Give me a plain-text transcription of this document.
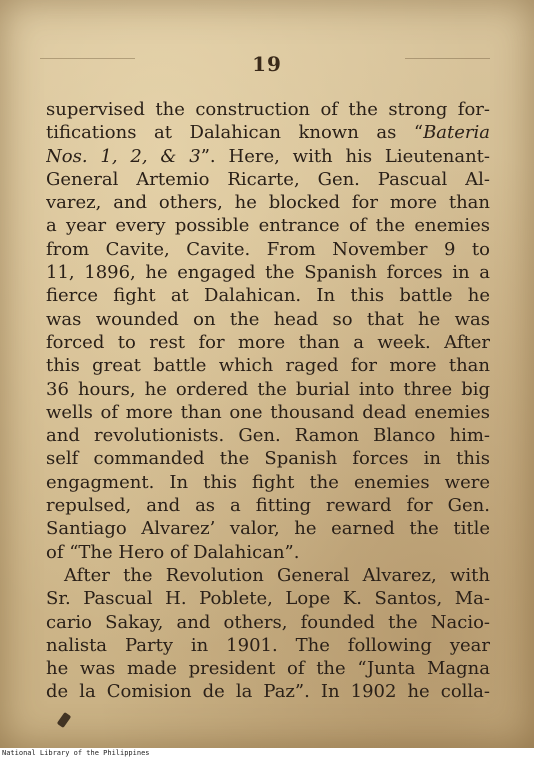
19
supervised the construction of the strong for-
tifications at Dalahican known as “Bateria
Nos. 1, 2, & 3”. Here, with his Lieutenant-
General Artemio Ricarte, Gen. Pascual Al-
varez, and others, he blocked for more than
a year every possible entrance of the enemies
from Cavite, Cavite. From November 9 to
11, 1896, he engaged the Spanish forces in a
fierce fight at Dalahican. In this battle he
was wounded on the head so that he was
forced to rest for more than a week. After
this great battle which raged for more than
36 hours, he ordered the burial into three big
wells of more than one thousand dead enemies
and revolutionists. Gen. Ramon Blanco him-
self commanded the Spanish forces in this
engagment. In this fight the enemies were
repulsed, and as a fitting reward for Gen.
Santiago Alvarez’ valor, he earned the title
of “The Hero of Dalahican”.
After the Revolution General Alvarez, with
Sr. Pascual H. Poblete, Lope K. Santos, Ma-
cario Sakay, and others, founded the Nacio-
nalista Party in 1901. The following year
he was made president of the “Junta Magna
de la Comision de la Paz”. In 1902 he colla-
National Library of the Philippines
